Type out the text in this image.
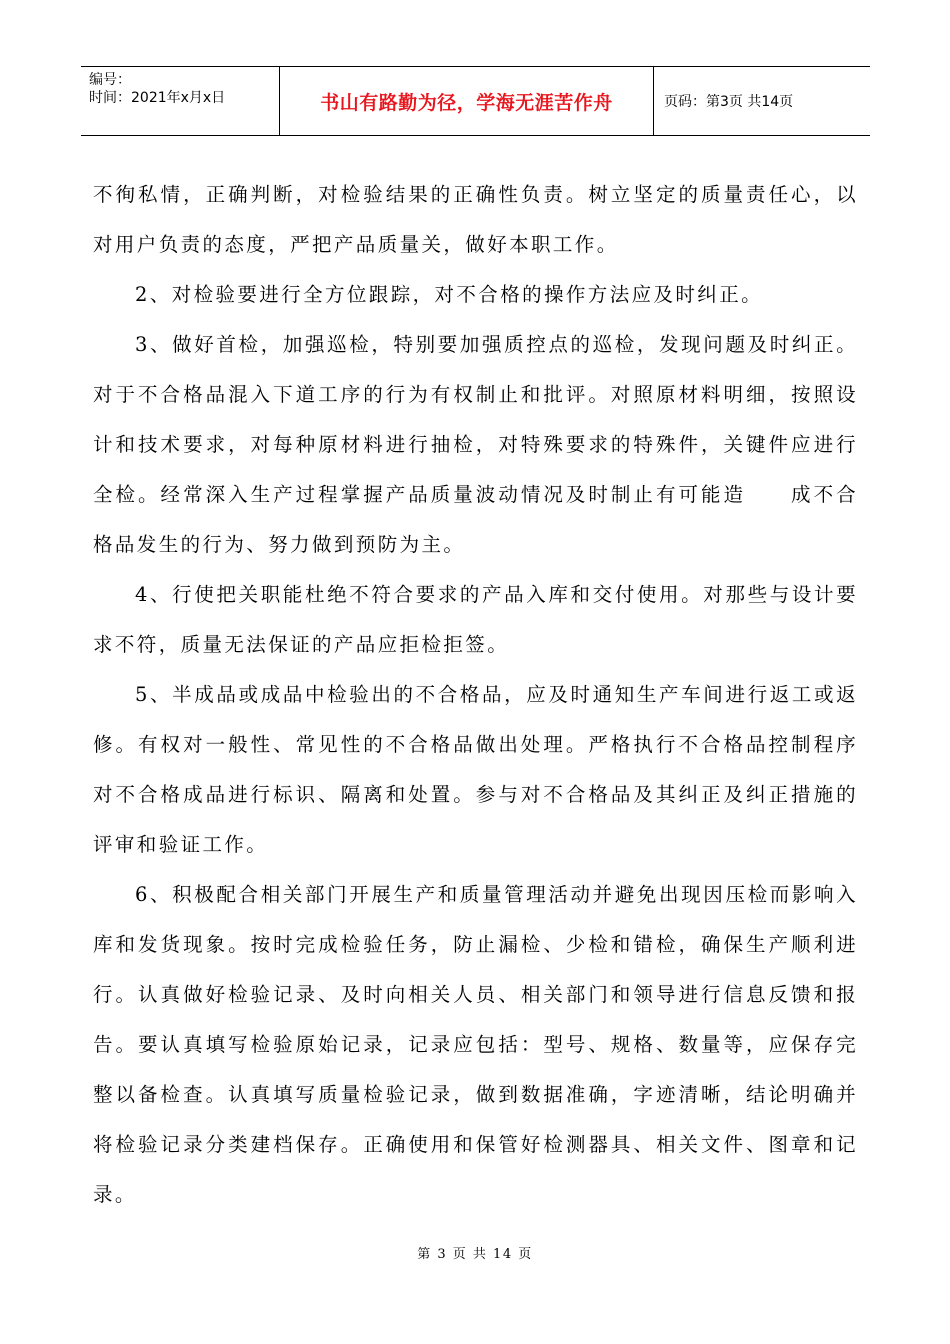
编号：
时间：2021年x月x日	书山有路勤为径，学海无涯苦作舟	页码：第3页 共14页

不徇私情，正确判断，对检验结果的正确性负责。树立坚定的质量责任心，以对用户负责的态度，严把产品质量关，做好本职工作。

2、对检验要进行全方位跟踪，对不合格的操作方法应及时纠正。

3、做好首检，加强巡检，特别要加强质控点的巡检，发现问题及时纠正。对于不合格品混入下道工序的行为有权制止和批评。对照原材料明细，按照设计和技术要求，对每种原材料进行抽检，对特殊要求的特殊件，关键件应进行全检。经常深入生产过程掌握产品质量波动情况及时制止有可能造　　成不合格品发生的行为、努力做到预防为主。

4、行使把关职能杜绝不符合要求的产品入库和交付使用。对那些与设计要求不符，质量无法保证的产品应拒检拒签。

5、半成品或成品中检验出的不合格品，应及时通知生产车间进行返工或返修。有权对一般性、常见性的不合格品做出处理。严格执行不合格品控制程序对不合格成品进行标识、隔离和处置。参与对不合格品及其纠正及纠正措施的评审和验证工作。

6、积极配合相关部门开展生产和质量管理活动并避免出现因压检而影响入库和发货现象。按时完成检验任务，防止漏检、少检和错检，确保生产顺利进行。认真做好检验记录、及时向相关人员、相关部门和领导进行信息反馈和报告。要认真填写检验原始记录，记录应包括：型号、规格、数量等，应保存完整以备检查。认真填写质量检验记录，做到数据准确，字迹清晰，结论明确并将检验记录分类建档保存。正确使用和保管好检测器具、相关文件、图章和记录。

第 3 页 共 14 页
